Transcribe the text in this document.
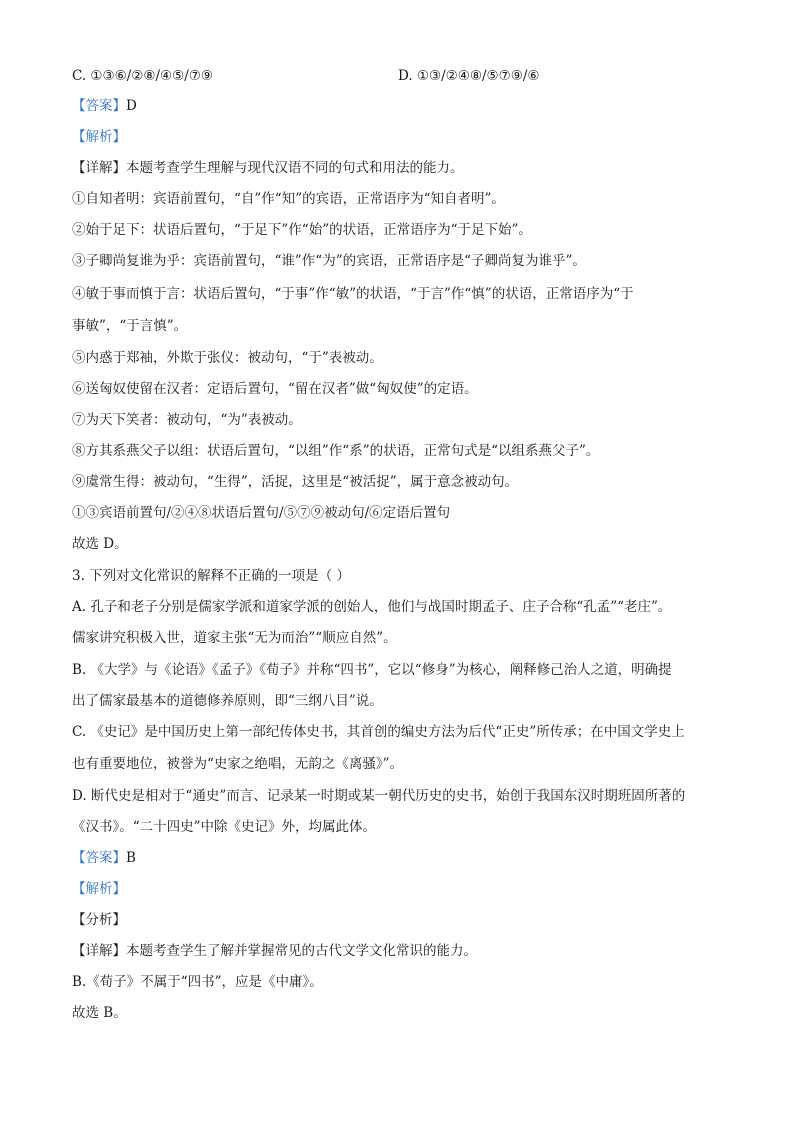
C. ①③⑥/②⑧/④⑤/⑦⑨	D. ①③/②④⑧/⑤⑦⑨/⑥
【答案】D
【解析】
【详解】本题考查学生理解与现代汉语不同的句式和用法的能力。
①自知者明：宾语前置句，“自”作“知”的宾语，正常语序为“知自者明”。
②始于足下：状语后置句，“于足下”作“始”的状语，正常语序为“于足下始”。
③子卿尚复谁为乎：宾语前置句，“谁”作“为”的宾语，正常语序是“子卿尚复为谁乎”。
④敏于事而慎于言：状语后置句，“于事”作“敏”的状语，“于言”作“慎”的状语，正常语序为“于
事敏”，“于言慎”。
⑤内惑于郑袖，外欺于张仪：被动句，“于”表被动。
⑥送匈奴使留在汉者：定语后置句，“留在汉者”做“匈奴使”的定语。
⑦为天下笑者：被动句，“为”表被动。
⑧方其系燕父子以组：状语后置句，“以组”作“系”的状语，正常句式是“以组系燕父子”。
⑨虞常生得：被动句，“生得”，活捉，这里是“被活捉”，属于意念被动句。
①③宾语前置句/②④⑧状语后置句/⑤⑦⑨被动句/⑥定语后置句
故选 D。
3. 下列对文化常识的解释不正确的一项是（ ）
A. 孔子和老子分别是儒家学派和道家学派的创始人，他们与战国时期孟子、庄子合称“孔孟”“老庄”。
儒家讲究积极入世，道家主张“无为而治”“顺应自然”。
B. 《大学》与《论语》《孟子》《荀子》并称“四书”，它以“修身”为核心，阐释修己治人之道，明确提
出了儒家最基本的道德修养原则，即“三纲八目”说。
C. 《史记》是中国历史上第一部纪传体史书，其首创的编史方法为后代“正史”所传承；在中国文学史上
也有重要地位，被誉为“史家之绝唱，无韵之《离骚》”。
D. 断代史是相对于“通史”而言、记录某一时期或某一朝代历史的史书，始创于我国东汉时期班固所著的
《汉书》。“二十四史”中除《史记》外，均属此体。
【答案】B
【解析】
【分析】
【详解】本题考查学生了解并掌握常见的古代文学文化常识的能力。
B.《荀子》不属于“四书”，应是《中庸》。
故选 B。
